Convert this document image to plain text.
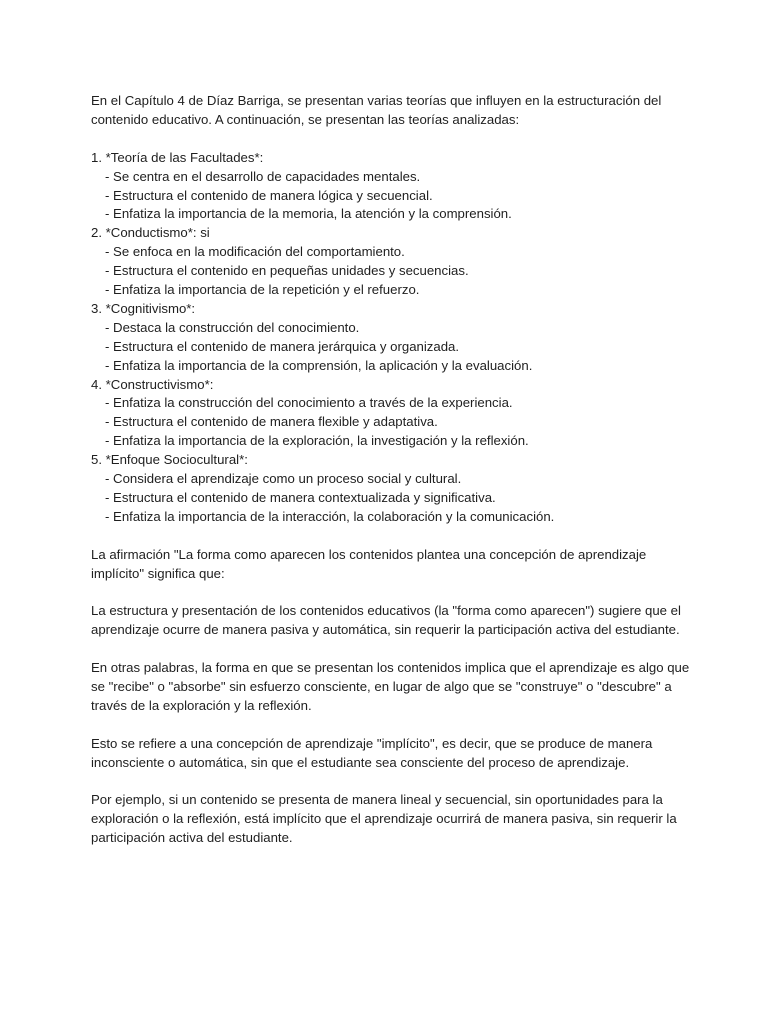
En el Capítulo 4 de Díaz Barriga, se presentan varias teorías que influyen en la estructuración del contenido educativo. A continuación, se presentan las teorías analizadas:

1. *Teoría de las Facultades*:

- Se centra en el desarrollo de capacidades mentales.

- Estructura el contenido de manera lógica y secuencial.

- Enfatiza la importancia de la memoria, la atención y la comprensión.

2. *Conductismo*: si

- Se enfoca en la modificación del comportamiento.

- Estructura el contenido en pequeñas unidades y secuencias.

- Enfatiza la importancia de la repetición y el refuerzo.

3. *Cognitivismo*:

- Destaca la construcción del conocimiento.

- Estructura el contenido de manera jerárquica y organizada.

- Enfatiza la importancia de la comprensión, la aplicación y la evaluación.

4. *Constructivismo*:

- Enfatiza la construcción del conocimiento a través de la experiencia.

- Estructura el contenido de manera flexible y adaptativa.

- Enfatiza la importancia de la exploración, la investigación y la reflexión.

5. *Enfoque Sociocultural*:

- Considera el aprendizaje como un proceso social y cultural.

- Estructura el contenido de manera contextualizada y significativa.

- Enfatiza la importancia de la interacción, la colaboración y la comunicación.

La afirmación "La forma como aparecen los contenidos plantea una concepción de aprendizaje implícito" significa que:

La estructura y presentación de los contenidos educativos (la "forma como aparecen") sugiere que el aprendizaje ocurre de manera pasiva y automática, sin requerir la participación activa del estudiante.

En otras palabras, la forma en que se presentan los contenidos implica que el aprendizaje es algo que se "recibe" o "absorbe" sin esfuerzo consciente, en lugar de algo que se "construye" o "descubre" a través de la exploración y la reflexión.

Esto se refiere a una concepción de aprendizaje "implícito", es decir, que se produce de manera inconsciente o automática, sin que el estudiante sea consciente del proceso de aprendizaje.

Por ejemplo, si un contenido se presenta de manera lineal y secuencial, sin oportunidades para la exploración o la reflexión, está implícito que el aprendizaje ocurrirá de manera pasiva, sin requerir la participación activa del estudiante.
